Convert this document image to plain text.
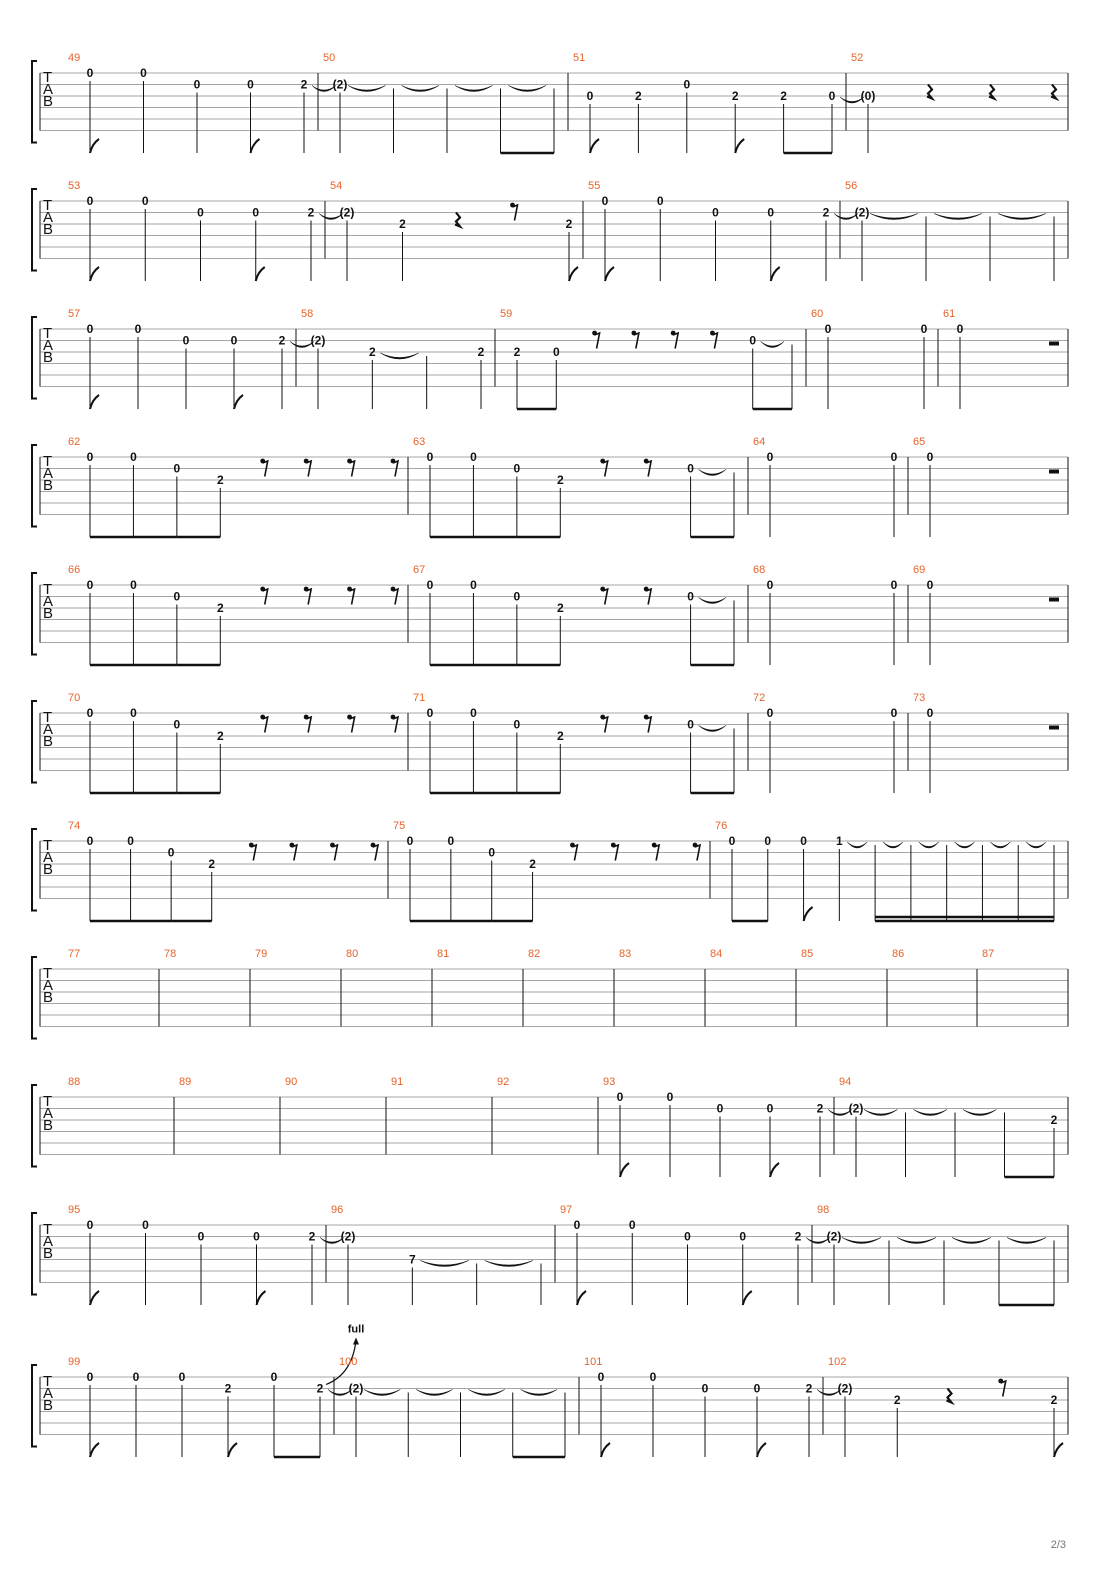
T
A
B
49
0	0
0	0	2
50
(2)
51
0	2
0
2	2	0
52
(0)
T
A
B
53
0	0
0	0	2
54
(2)
2	2
55
0	0
0	0	2
56
(2)
T
A
B
57
0	0
0	0	2
58
(2)
2	2
59
2	0
0
60
0	0
61
0
T
A
B
62
0	0
0
2
63
0	0
0
2
0
64
0	0
65
0
T
A
B
66
0	0
0
2
67
0	0
0
2
0
68
0	0
69
0
T
A
B
70
0	0
0
2
71
0	0
0
2
0
72
0	0
73
0
T
A
B
74
0	0
0
2
75
0	0
0
2
76
0 0 0 1
T
A
B
77	78	79	80	81	82	83	84	85	86	87
T
A
B
88	89	90	91	92	93
0	0
0	0	2
94
(2)
2
T
A
B
95
0	0
0	0	2
96
(2)
7
97
0	0
0	0	2
98
(2)
T
A
B
99
0	0	0
2
0
2
full
100
(2)
101
0	0
0	0	2
102
(2)
2	2
2/3
